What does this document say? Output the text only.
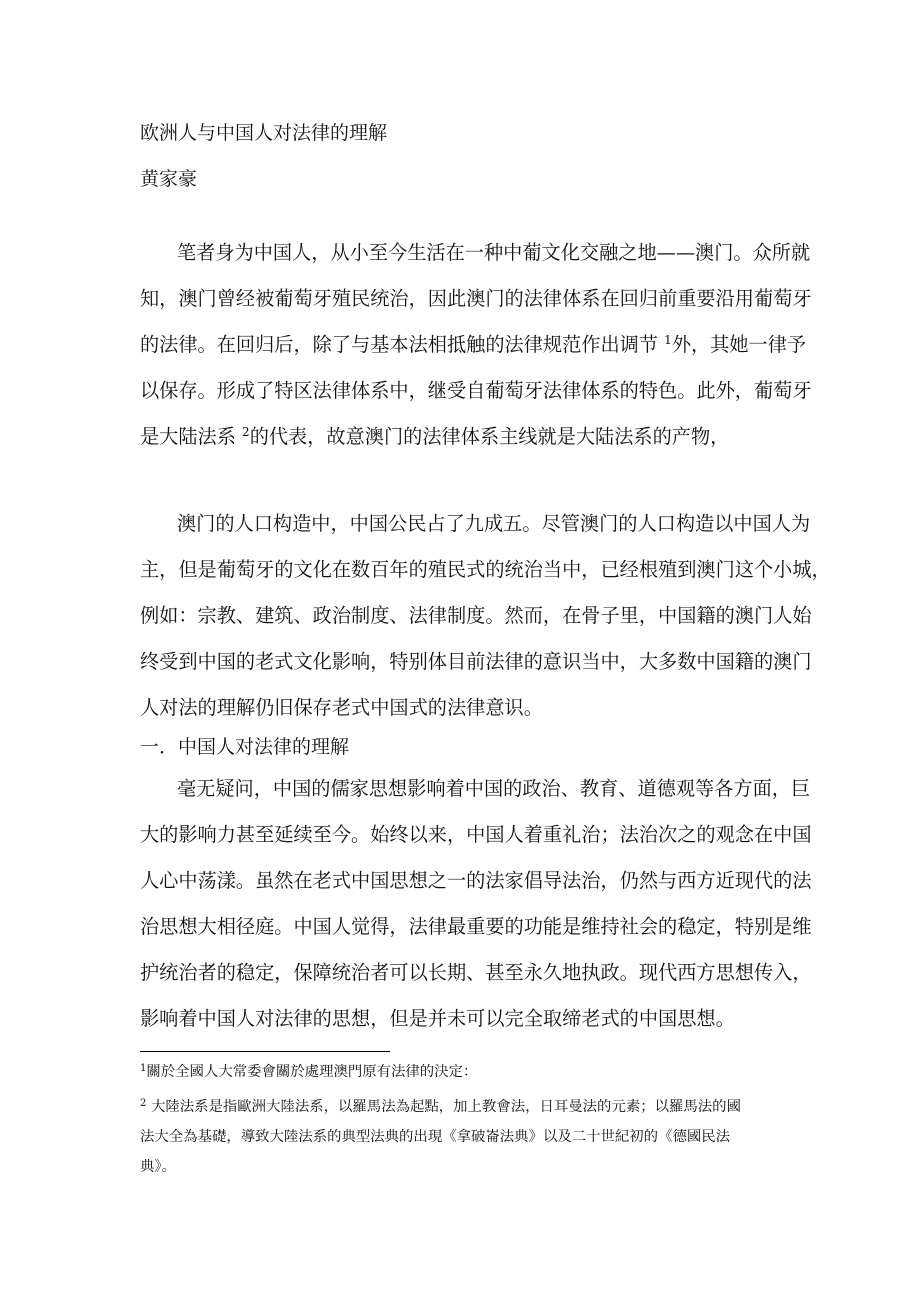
欧洲人与中国人对法律的理解
黄家豪
笔者身为中国人，从小至今生活在一种中葡文化交融之地——澳门。众所就
知，澳门曾经被葡萄牙殖民统治，因此澳门的法律体系在回归前重要沿用葡萄牙
的法律。在回归后，除了与基本法相抵触的法律规范作出调节 $^1$外，其她一律予
以保存。形成了特区法律体系中，继受自葡萄牙法律体系的特色。此外，葡萄牙
是大陆法系 $^2$的代表，故意澳门的法律体系主线就是大陆法系的产物，
澳门的人口构造中，中国公民占了九成五。尽管澳门的人口构造以中国人为
主，但是葡萄牙的文化在数百年的殖民式的统治当中，已经根殖到澳门这个小城，
例如：宗教、建筑、政治制度、法律制度。然而，在骨子里，中国籍的澳门人始
终受到中国的老式文化影响，特别体目前法律的意识当中，大多数中国籍的澳门
人对法的理解仍旧保存老式中国式的法律意识。
一．中国人对法律的理解
毫无疑问，中国的儒家思想影响着中国的政治、教育、道德观等各方面，巨
大的影响力甚至延续至今。始终以来，中国人着重礼治；法治次之的观念在中国
人心中荡漾。虽然在老式中国思想之一的法家倡导法治，仍然与西方近现代的法
治思想大相径庭。中国人觉得，法律最重要的功能是维持社会的稳定，特别是维
护统治者的稳定，保障统治者可以长期、甚至永久地执政。现代西方思想传入，
影响着中国人对法律的思想，但是并未可以完全取缔老式的中国思想。
$^1$關於全國人大常委會關於處理澳門原有法律的決定：
$^2$ 大陸法系是指歐洲大陸法系，以羅馬法為起點，加上教會法，日耳曼法的元素；以羅馬法的國
法大全為基礎，導致大陸法系的典型法典的出現《拿破崙法典》以及二十世紀初的《德國民法
典》。
